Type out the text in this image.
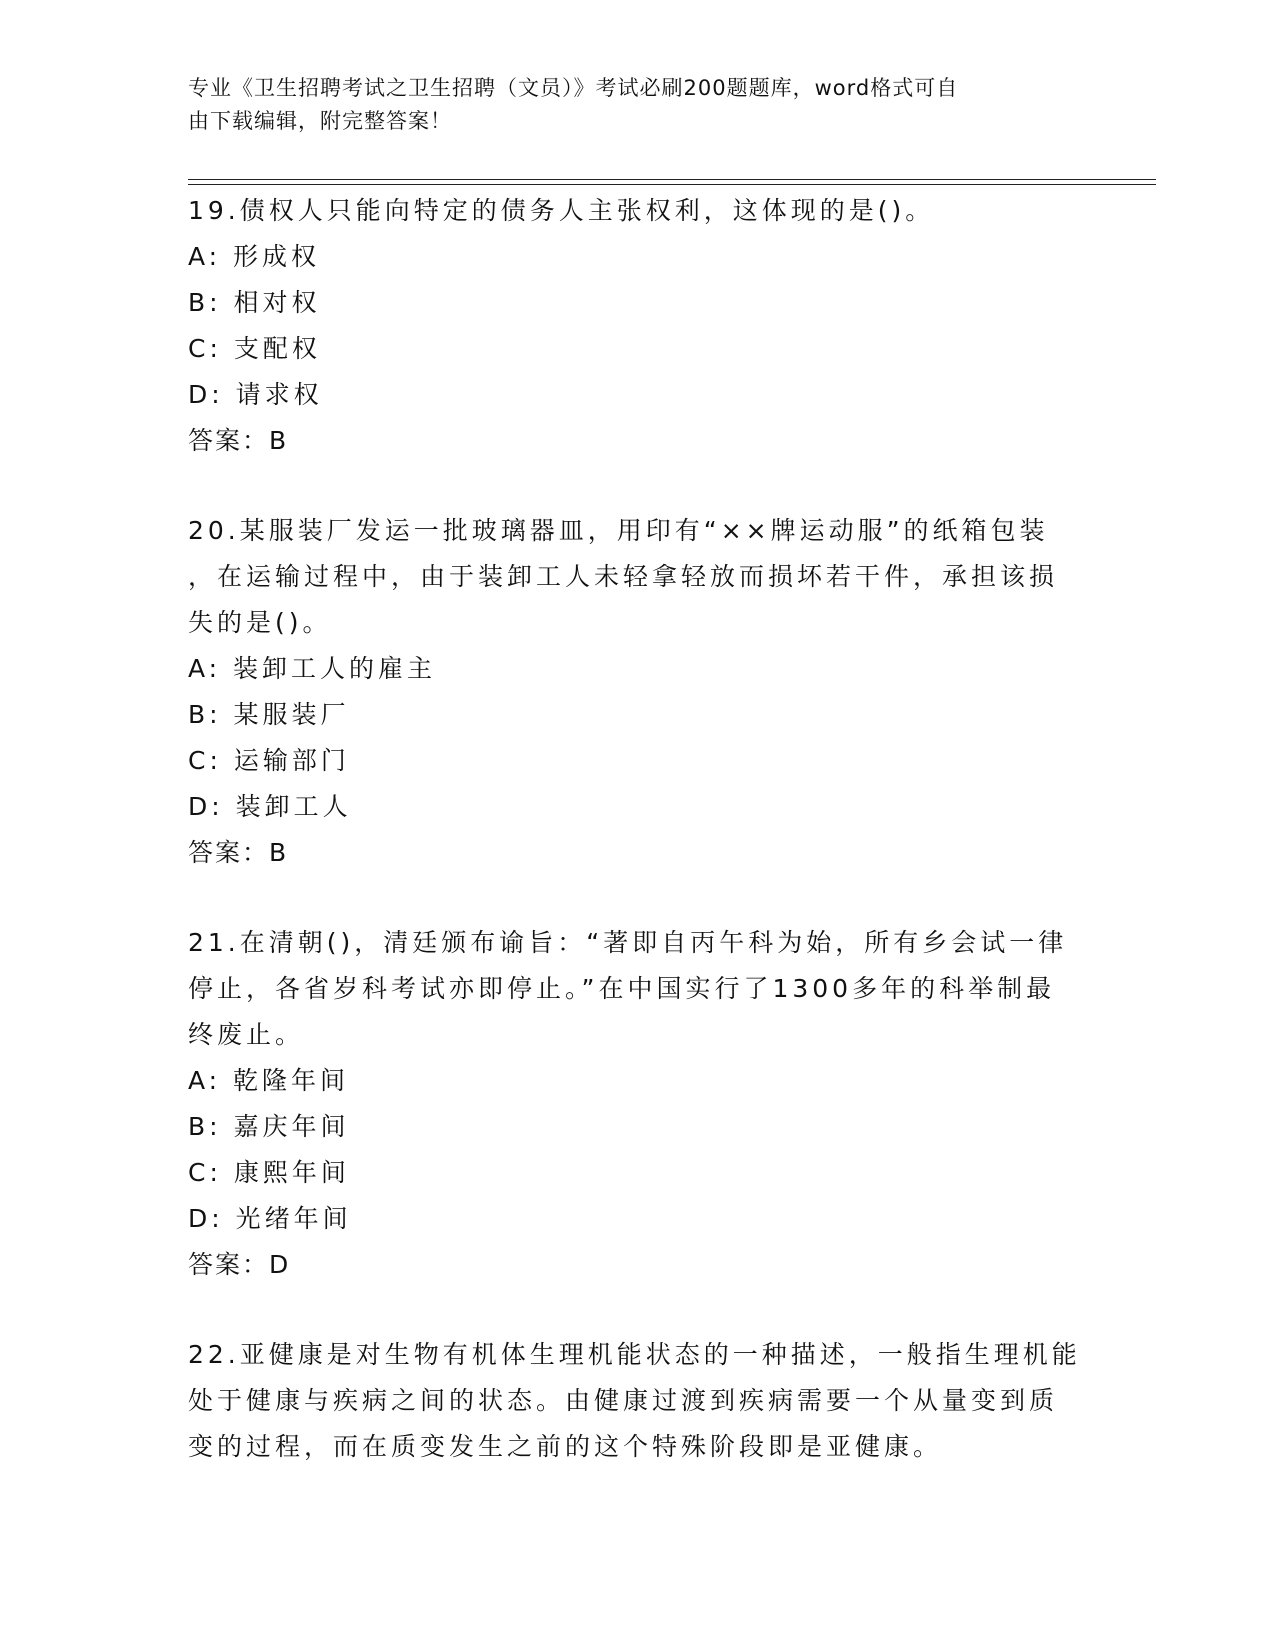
专业《卫生招聘考试之卫生招聘（文员）》考试必刷200题题库，word格式可自
由下载编辑，附完整答案！
19.债权人只能向特定的债务人主张权利，这体现的是()。
A: 形成权
B: 相对权
C: 支配权
D: 请求权
答案：B
20.某服装厂发运一批玻璃器皿，用印有“××牌运动服”的纸箱包装
，在运输过程中，由于装卸工人未轻拿轻放而损坏若干件，承担该损
失的是()。
A: 装卸工人的雇主
B: 某服装厂
C: 运输部门
D: 装卸工人
答案：B
21.在清朝()，清廷颁布谕旨：“著即自丙午科为始，所有乡会试一律
停止，各省岁科考试亦即停止。”在中国实行了1300多年的科举制最
终废止。
A: 乾隆年间
B: 嘉庆年间
C: 康熙年间
D: 光绪年间
答案：D
22.亚健康是对生物有机体生理机能状态的一种描述，一般指生理机能
处于健康与疾病之间的状态。由健康过渡到疾病需要一个从量变到质
变的过程，而在质变发生之前的这个特殊阶段即是亚健康。
